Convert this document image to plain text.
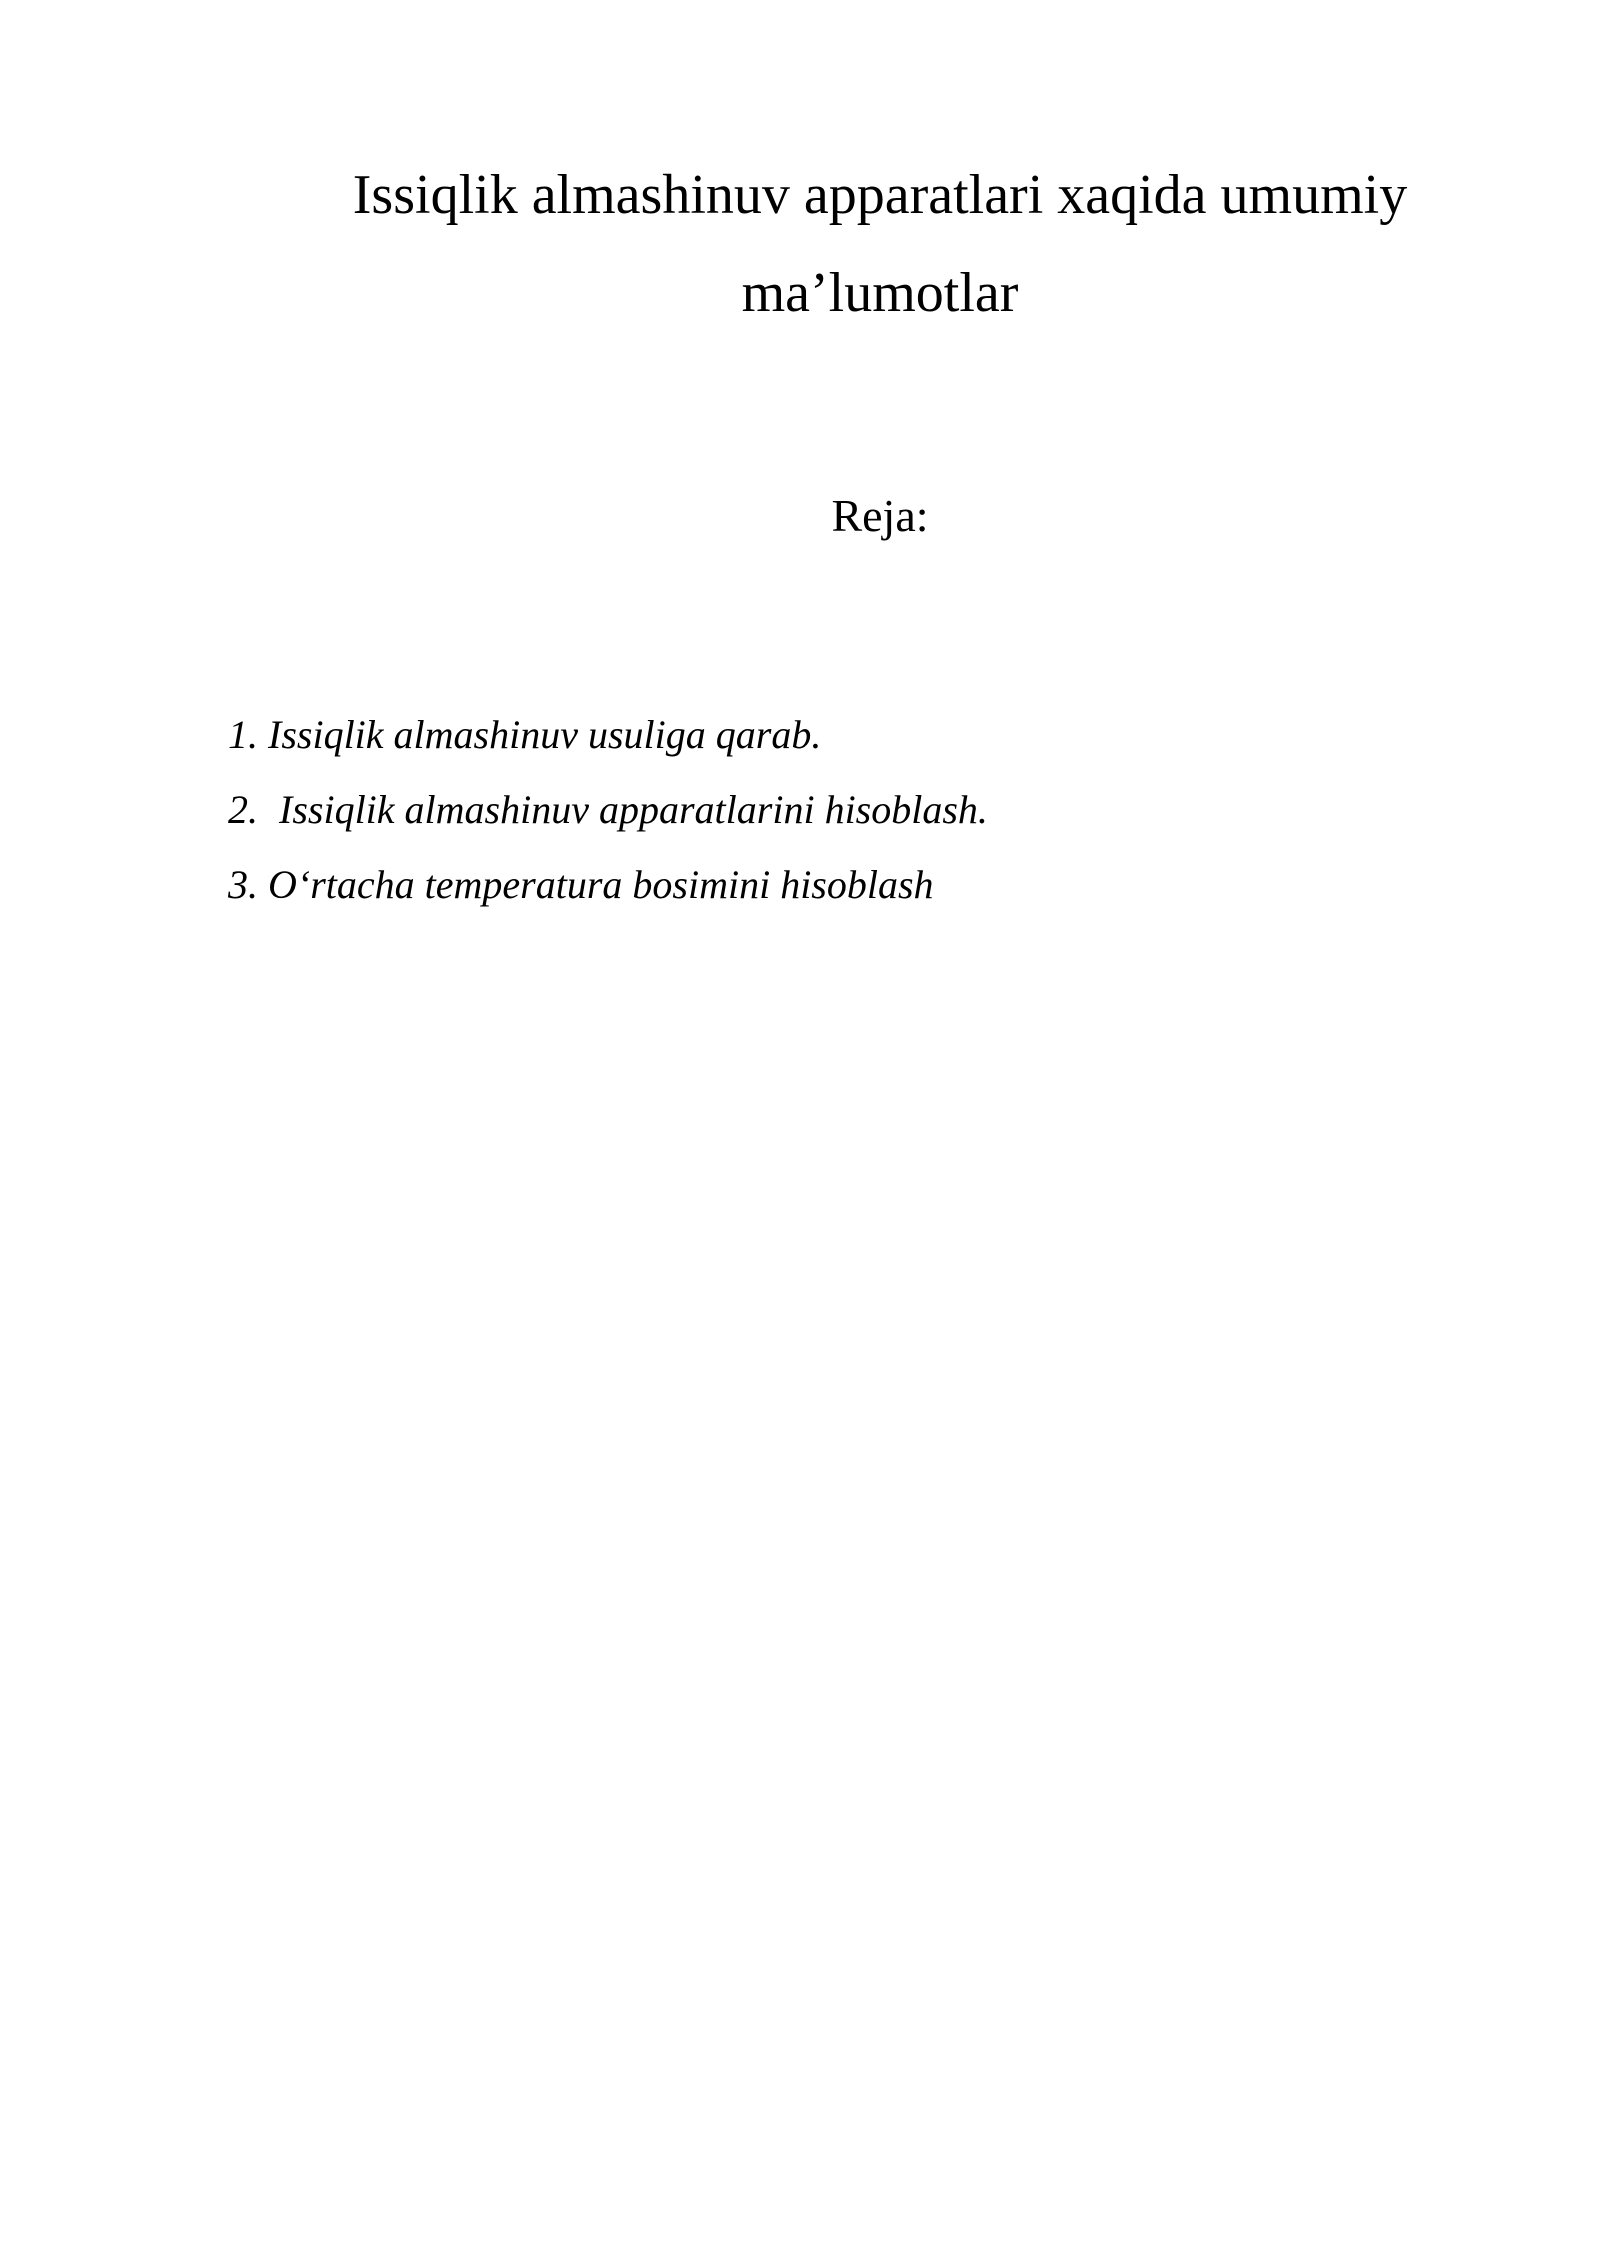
Issiqlik almashinuv apparatlari xaqida umumiy
ma’lumotlar
Reja:
1. Issiqlik almashinuv usuliga qarab.
2. Issiqlik almashinuv apparatlarini hisoblash.
3. O‘rtacha temperatura bosimini hisoblash
